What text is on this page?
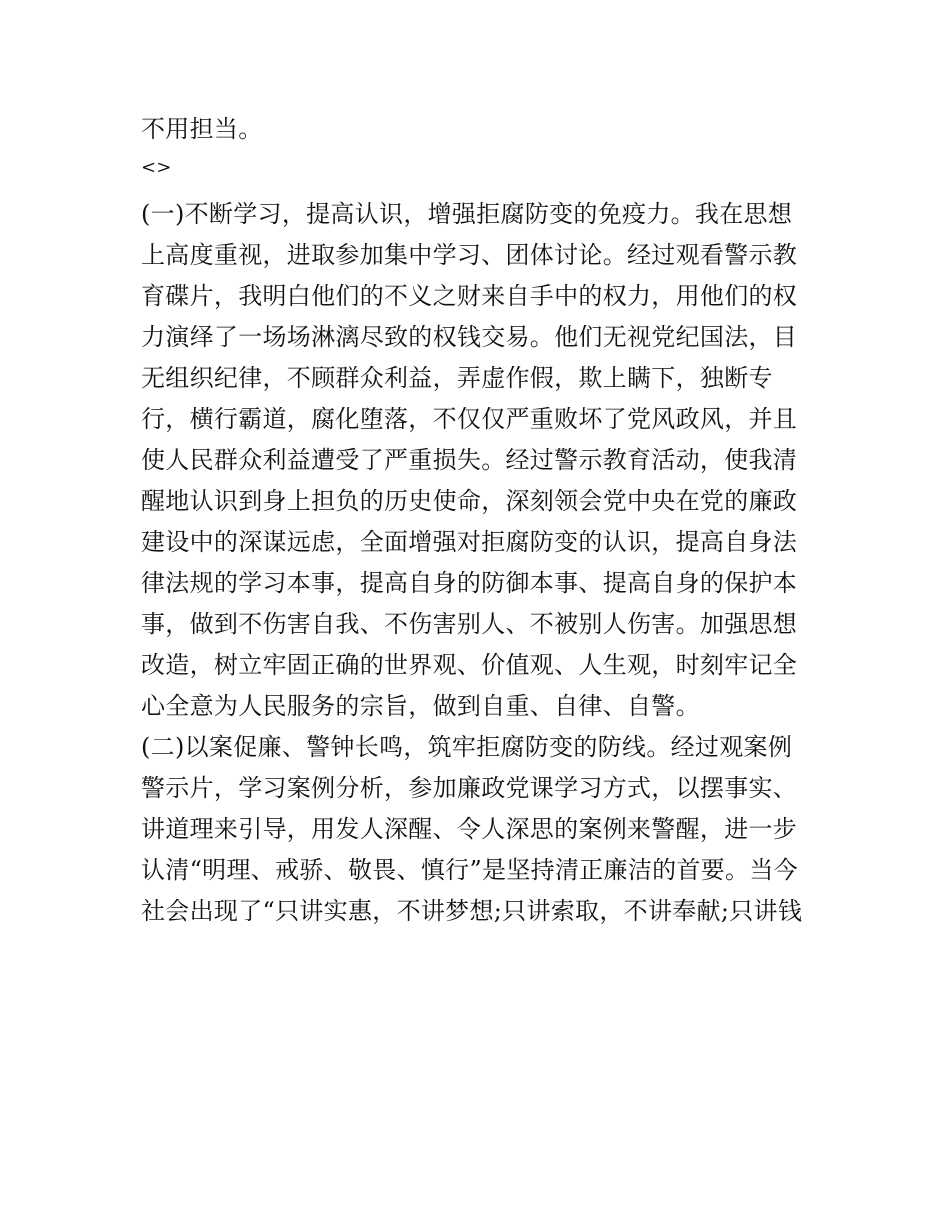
不用担当。
<>
(一)不断学习，提高认识，增强拒腐防变的免疫力。我在思想
上高度重视，进取参加集中学习、团体讨论。经过观看警示教
育碟片，我明白他们的不义之财来自手中的权力，用他们的权
力演绎了一场场淋漓尽致的权钱交易。他们无视党纪国法，目
无组织纪律，不顾群众利益，弄虚作假，欺上瞒下，独断专
行，横行霸道，腐化堕落，不仅仅严重败坏了党风政风，并且
使人民群众利益遭受了严重损失。经过警示教育活动，使我清
醒地认识到身上担负的历史使命，深刻领会党中央在党的廉政
建设中的深谋远虑，全面增强对拒腐防变的认识，提高自身法
律法规的学习本事，提高自身的防御本事、提高自身的保护本
事，做到不伤害自我、不伤害别人、不被别人伤害。加强思想
改造，树立牢固正确的世界观、价值观、人生观，时刻牢记全
心全意为人民服务的宗旨，做到自重、自律、自警。
(二)以案促廉、警钟长鸣，筑牢拒腐防变的防线。经过观案例
警示片，学习案例分析，参加廉政党课学习方式，以摆事实、
讲道理来引导，用发人深醒、令人深思的案例来警醒，进一步
认清“明理、戒骄、敬畏、慎行”是坚持清正廉洁的首要。当今
社会出现了“只讲实惠，不讲梦想;只讲索取，不讲奉献;只讲钱
